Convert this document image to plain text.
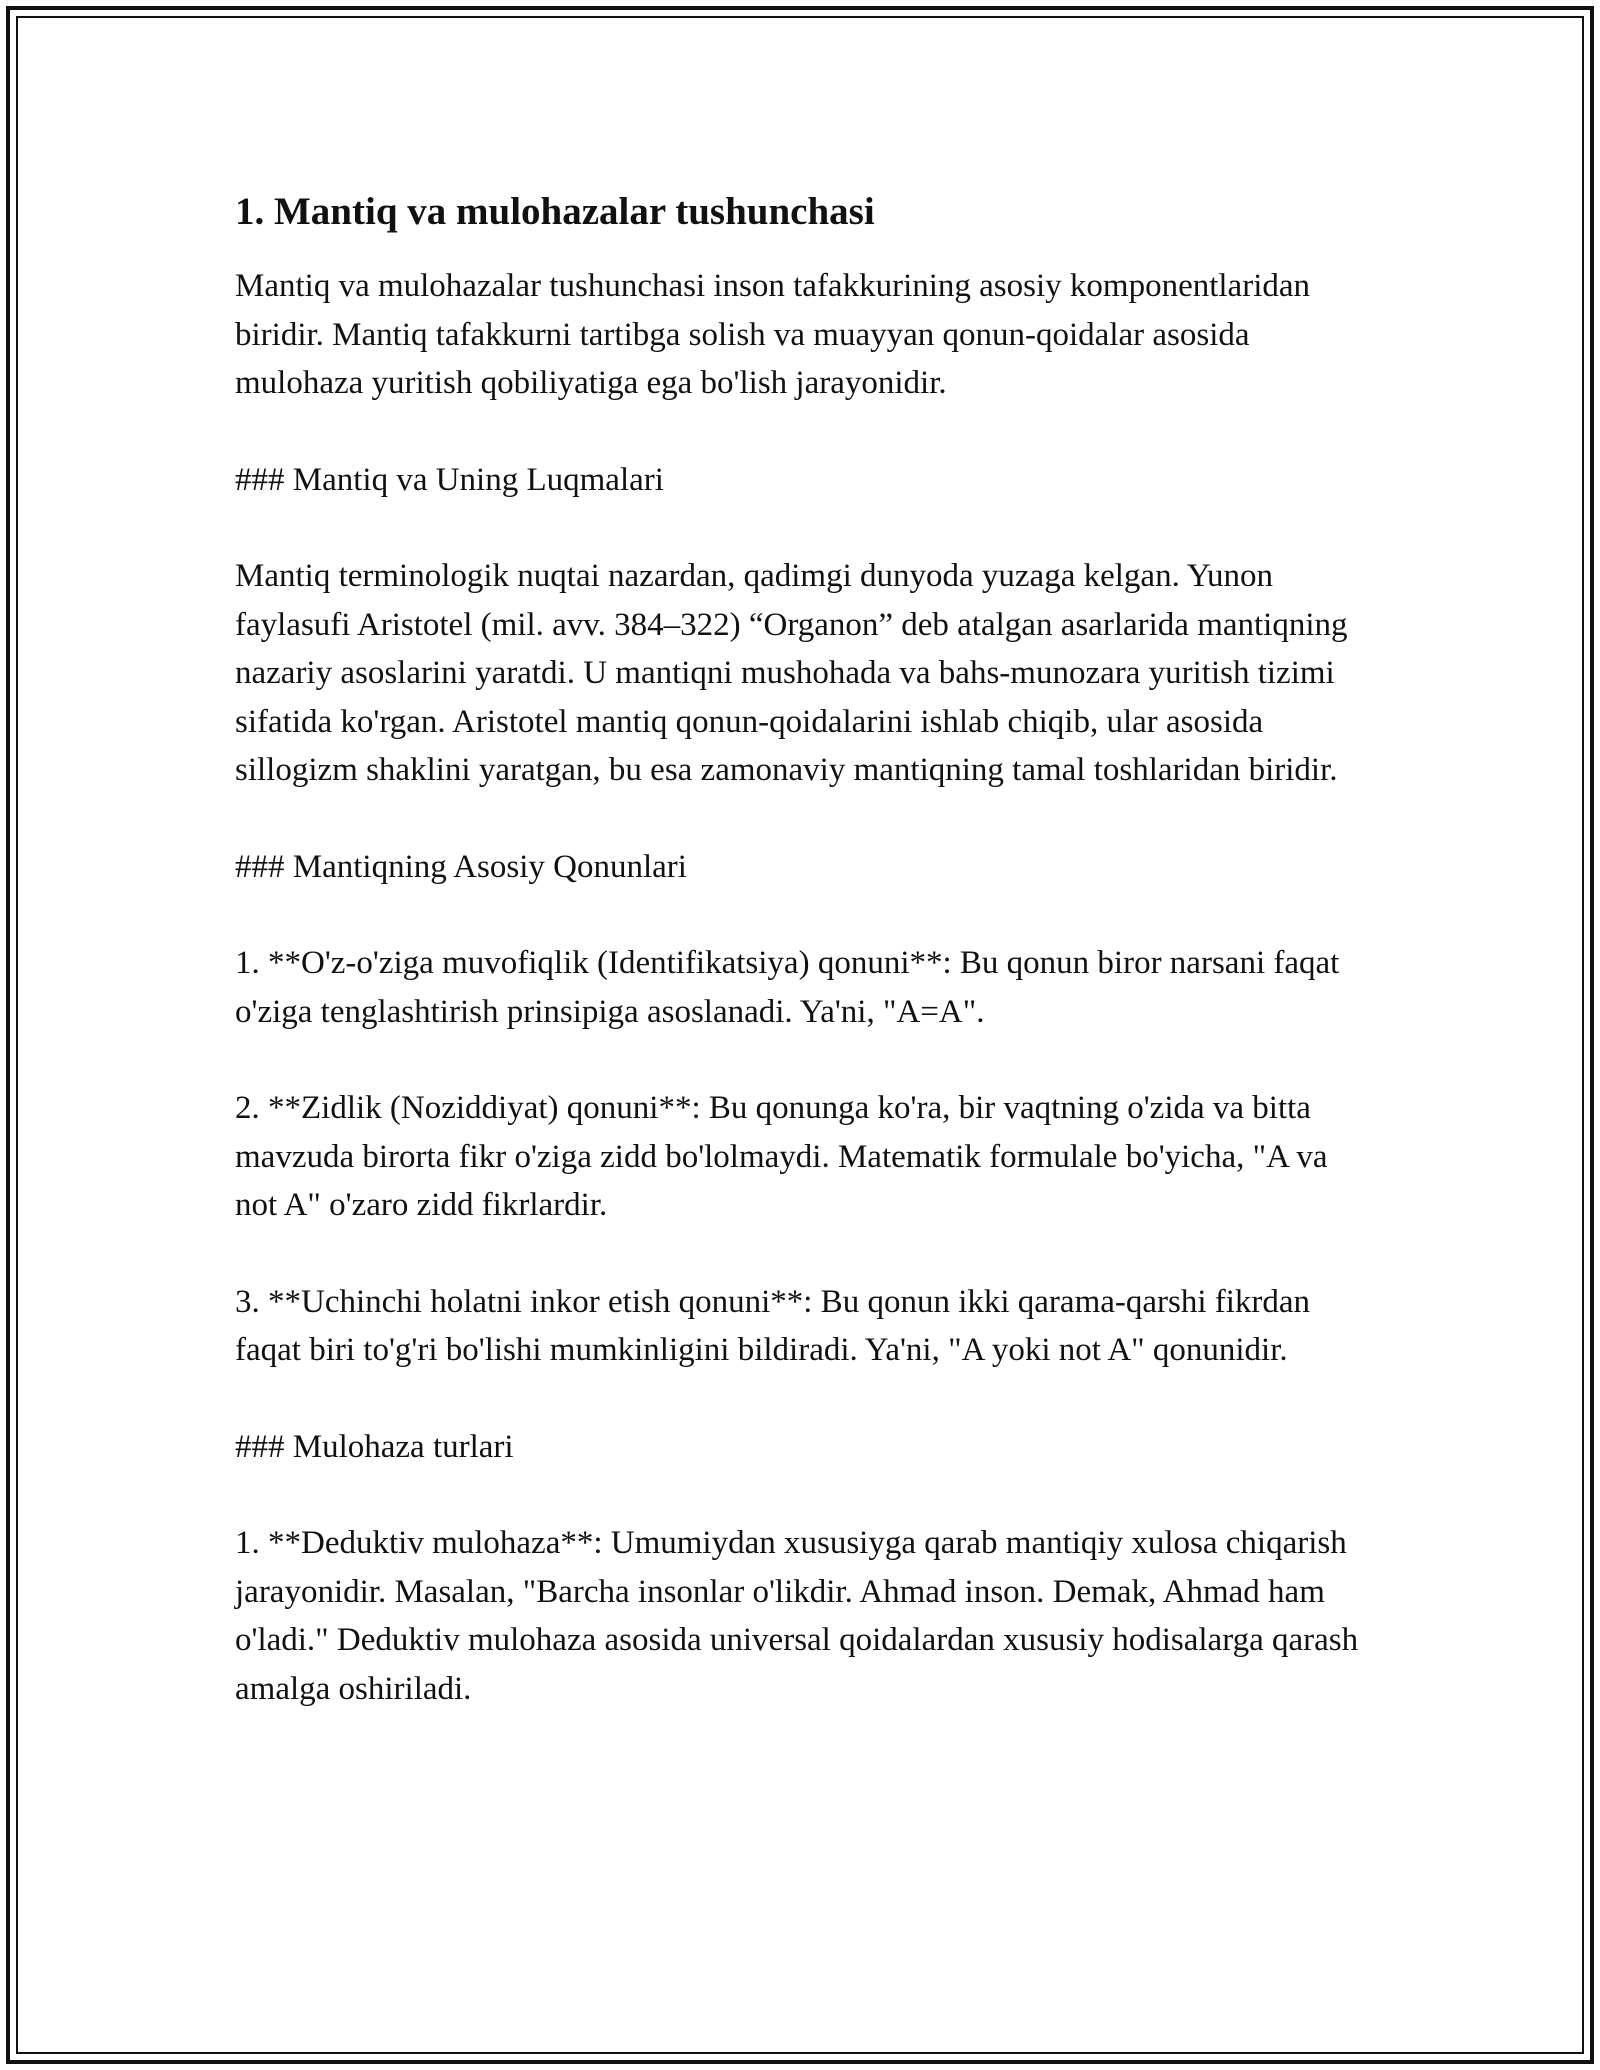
1. Mantiq va mulohazalar tushunchasi

Mantiq va mulohazalar tushunchasi inson tafakkurining asosiy komponentlaridan biridir. Mantiq tafakkurni tartibga solish va muayyan qonun-qoidalar asosida mulohaza yuritish qobiliyatiga ega bo'lish jarayonidir.

### Mantiq va Uning Luqmalari

Mantiq terminologik nuqtai nazardan, qadimgi dunyoda yuzaga kelgan. Yunon faylasufi Aristotel (mil. avv. 384–322) “Organon” deb atalgan asarlarida mantiqning nazariy asoslarini yaratdi. U mantiqni mushohada va bahs-munozara yuritish tizimi sifatida ko'rgan. Aristotel mantiq qonun-qoidalarini ishlab chiqib, ular asosida sillogizm shaklini yaratgan, bu esa zamonaviy mantiqning tamal toshlaridan biridir.

### Mantiqning Asosiy Qonunlari

1. **O'z-o'ziga muvofiqlik (Identifikatsiya) qonuni**: Bu qonun biror narsani faqat o'ziga tenglashtirish prinsipiga asoslanadi. Ya'ni, "A=A".

2. **Zidlik (Noziddiyat) qonuni**: Bu qonunga ko'ra, bir vaqtning o'zida va bitta mavzuda birorta fikr o'ziga zidd bo'lolmaydi. Matematik formulale bo'yicha, "A va not A" o'zaro zidd fikrlardir.

3. **Uchinchi holatni inkor etish qonuni**: Bu qonun ikki qarama-qarshi fikrdan faqat biri to'g'ri bo'lishi mumkinligini bildiradi. Ya'ni, "A yoki not A" qonunidir.

### Mulohaza turlari

1. **Deduktiv mulohaza**: Umumiydan xususiyga qarab mantiqiy xulosa chiqarish jarayonidir. Masalan, "Barcha insonlar o'likdir. Ahmad inson. Demak, Ahmad ham o'ladi." Deduktiv mulohaza asosida universal qoidalardan xususiy hodisalarga qarash amalga oshiriladi.
